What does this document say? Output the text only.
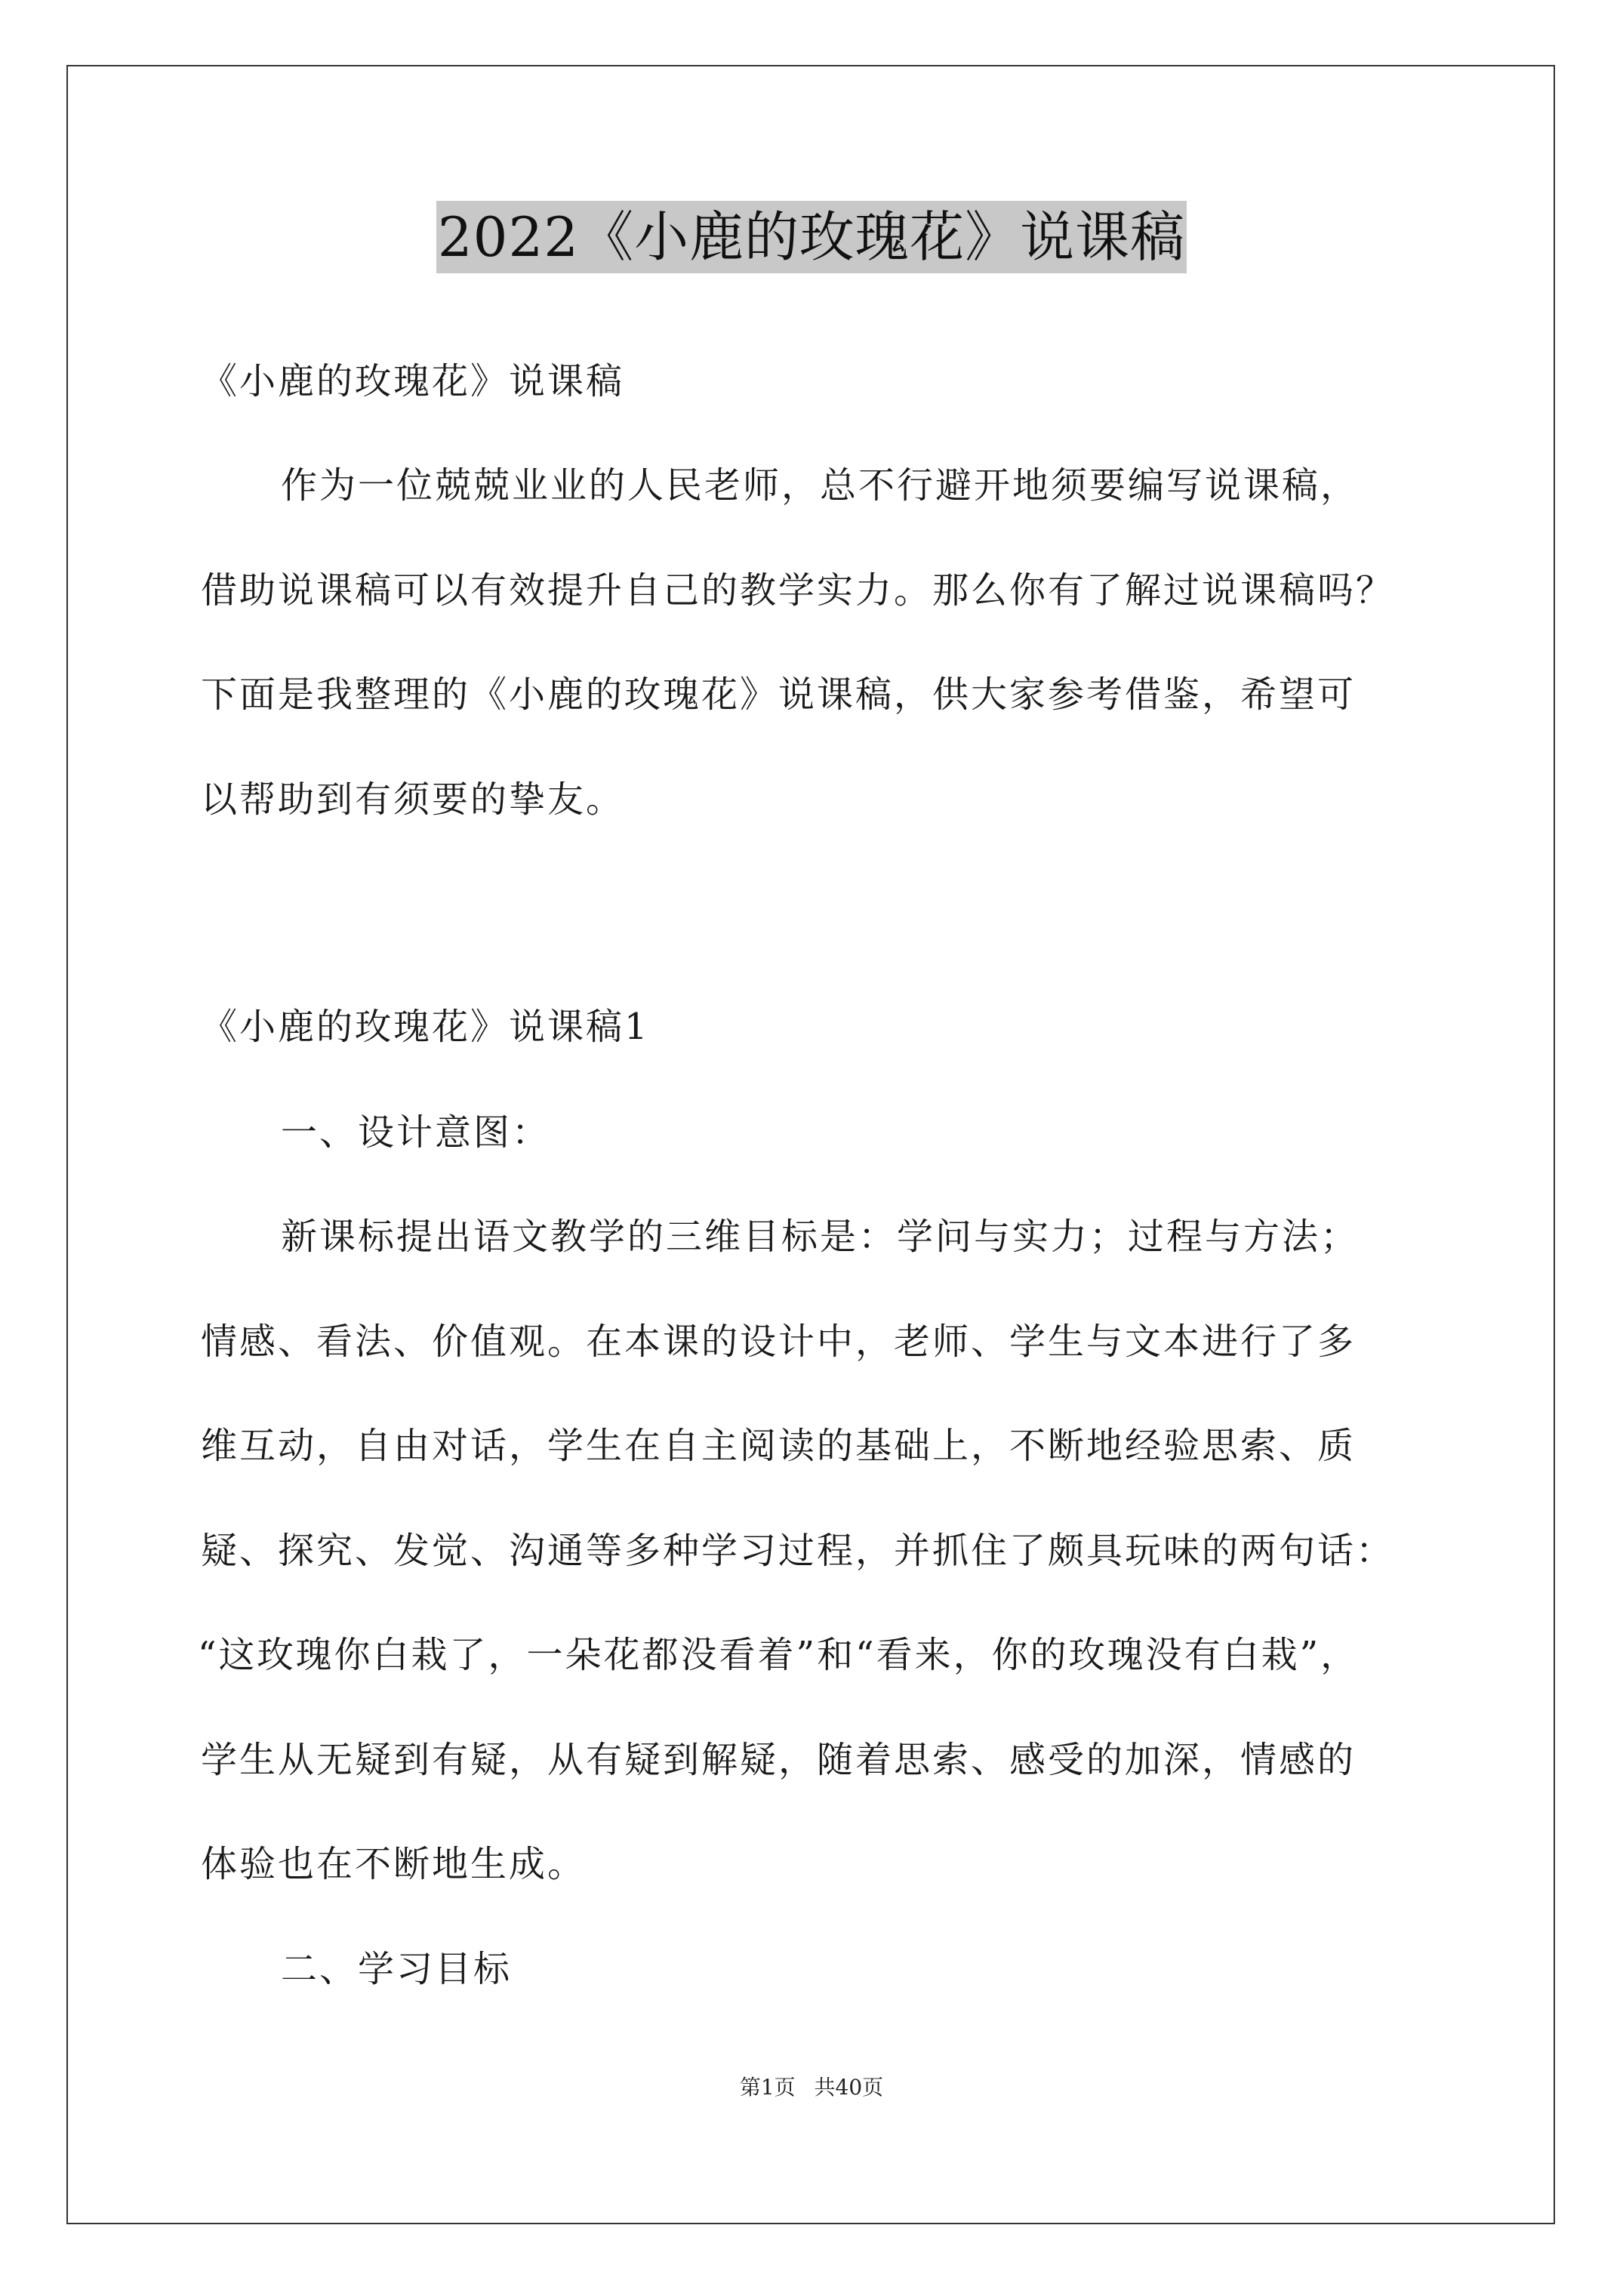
2022《小鹿的玫瑰花》说课稿
《小鹿的玫瑰花》说课稿
作为一位兢兢业业的人民老师，总不行避开地须要编写说课稿，
借助说课稿可以有效提升自己的教学实力。那么你有了解过说课稿吗？
下面是我整理的《小鹿的玫瑰花》说课稿，供大家参考借鉴，希望可
以帮助到有须要的挚友。
《小鹿的玫瑰花》说课稿1
一、设计意图：
新课标提出语文教学的三维目标是：学问与实力；过程与方法；
情感、看法、价值观。在本课的设计中，老师、学生与文本进行了多
维互动，自由对话，学生在自主阅读的基础上，不断地经验思索、质
疑、探究、发觉、沟通等多种学习过程，并抓住了颇具玩味的两句话：
“这玫瑰你白栽了，一朵花都没看着”和“看来，你的玫瑰没有白栽”，
学生从无疑到有疑，从有疑到解疑，随着思索、感受的加深，情感的
体验也在不断地生成。
二、学习目标
第1页 共40页
